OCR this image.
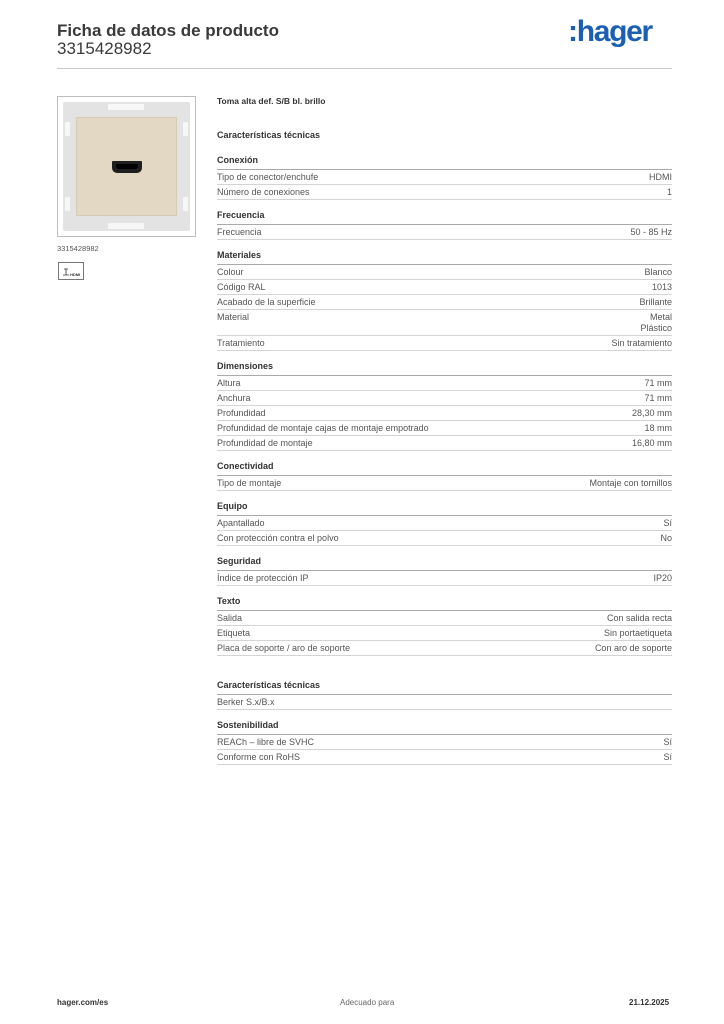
Ficha de datos de producto
3315428982
:hager
3315428982
HDMI
Toma alta def. S/B bl. brillo
Características técnicas
Conexión
Tipo de conector/enchufe	HDMI
Número de conexiones	1
Frecuencia
Frecuencia	50 - 85 Hz
Materiales
Colour	Blanco
Código RAL	1013
Acabado de la superficie	Brillante
Material	Metal
Plástico
Tratamiento	Sin tratamiento
Dimensiones
Altura	71 mm
Anchura	71 mm
Profundidad	28,30 mm
Profundidad de montaje cajas de montaje empotrado	18 mm
Profundidad de montaje	16,80 mm
Conectividad
Tipo de montaje	Montaje con tornillos
Equipo
Apantallado	Sí
Con protección contra el polvo	No
Seguridad
Índice de protección IP	IP20
Texto
Salida	Con salida recta
Etiqueta	Sin portaetiqueta
Placa de soporte / aro de soporte	Con aro de soporte
Características técnicas
Berker S.x/B.x
Sostenibilidad
REACh – libre de SVHC	Sí
Conforme con RoHS	Sí
hager.com/es	Adecuado para	21.12.2025
